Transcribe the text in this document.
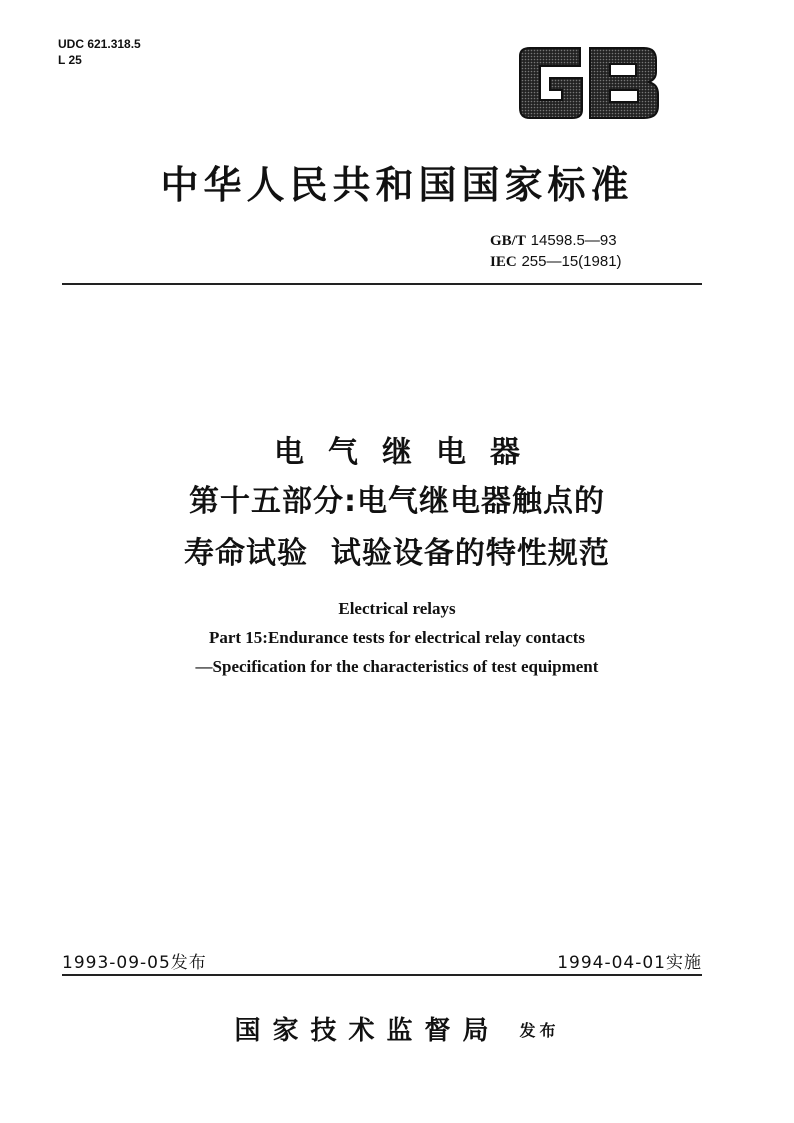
UDC 621.318.5
L 25
中华人民共和国国家标准
GB/T 14598.5—93
IEC 255—15(1981)
电气继电器
第十五部分:电气继电器触点的
寿命试验  试验设备的特性规范
Electrical relays
Part 15:Endurance tests for electrical relay contacts
—Specification for the characteristics of test equipment
1993-09-05发布	1994-04-01实施
国家技术监督局 发布
